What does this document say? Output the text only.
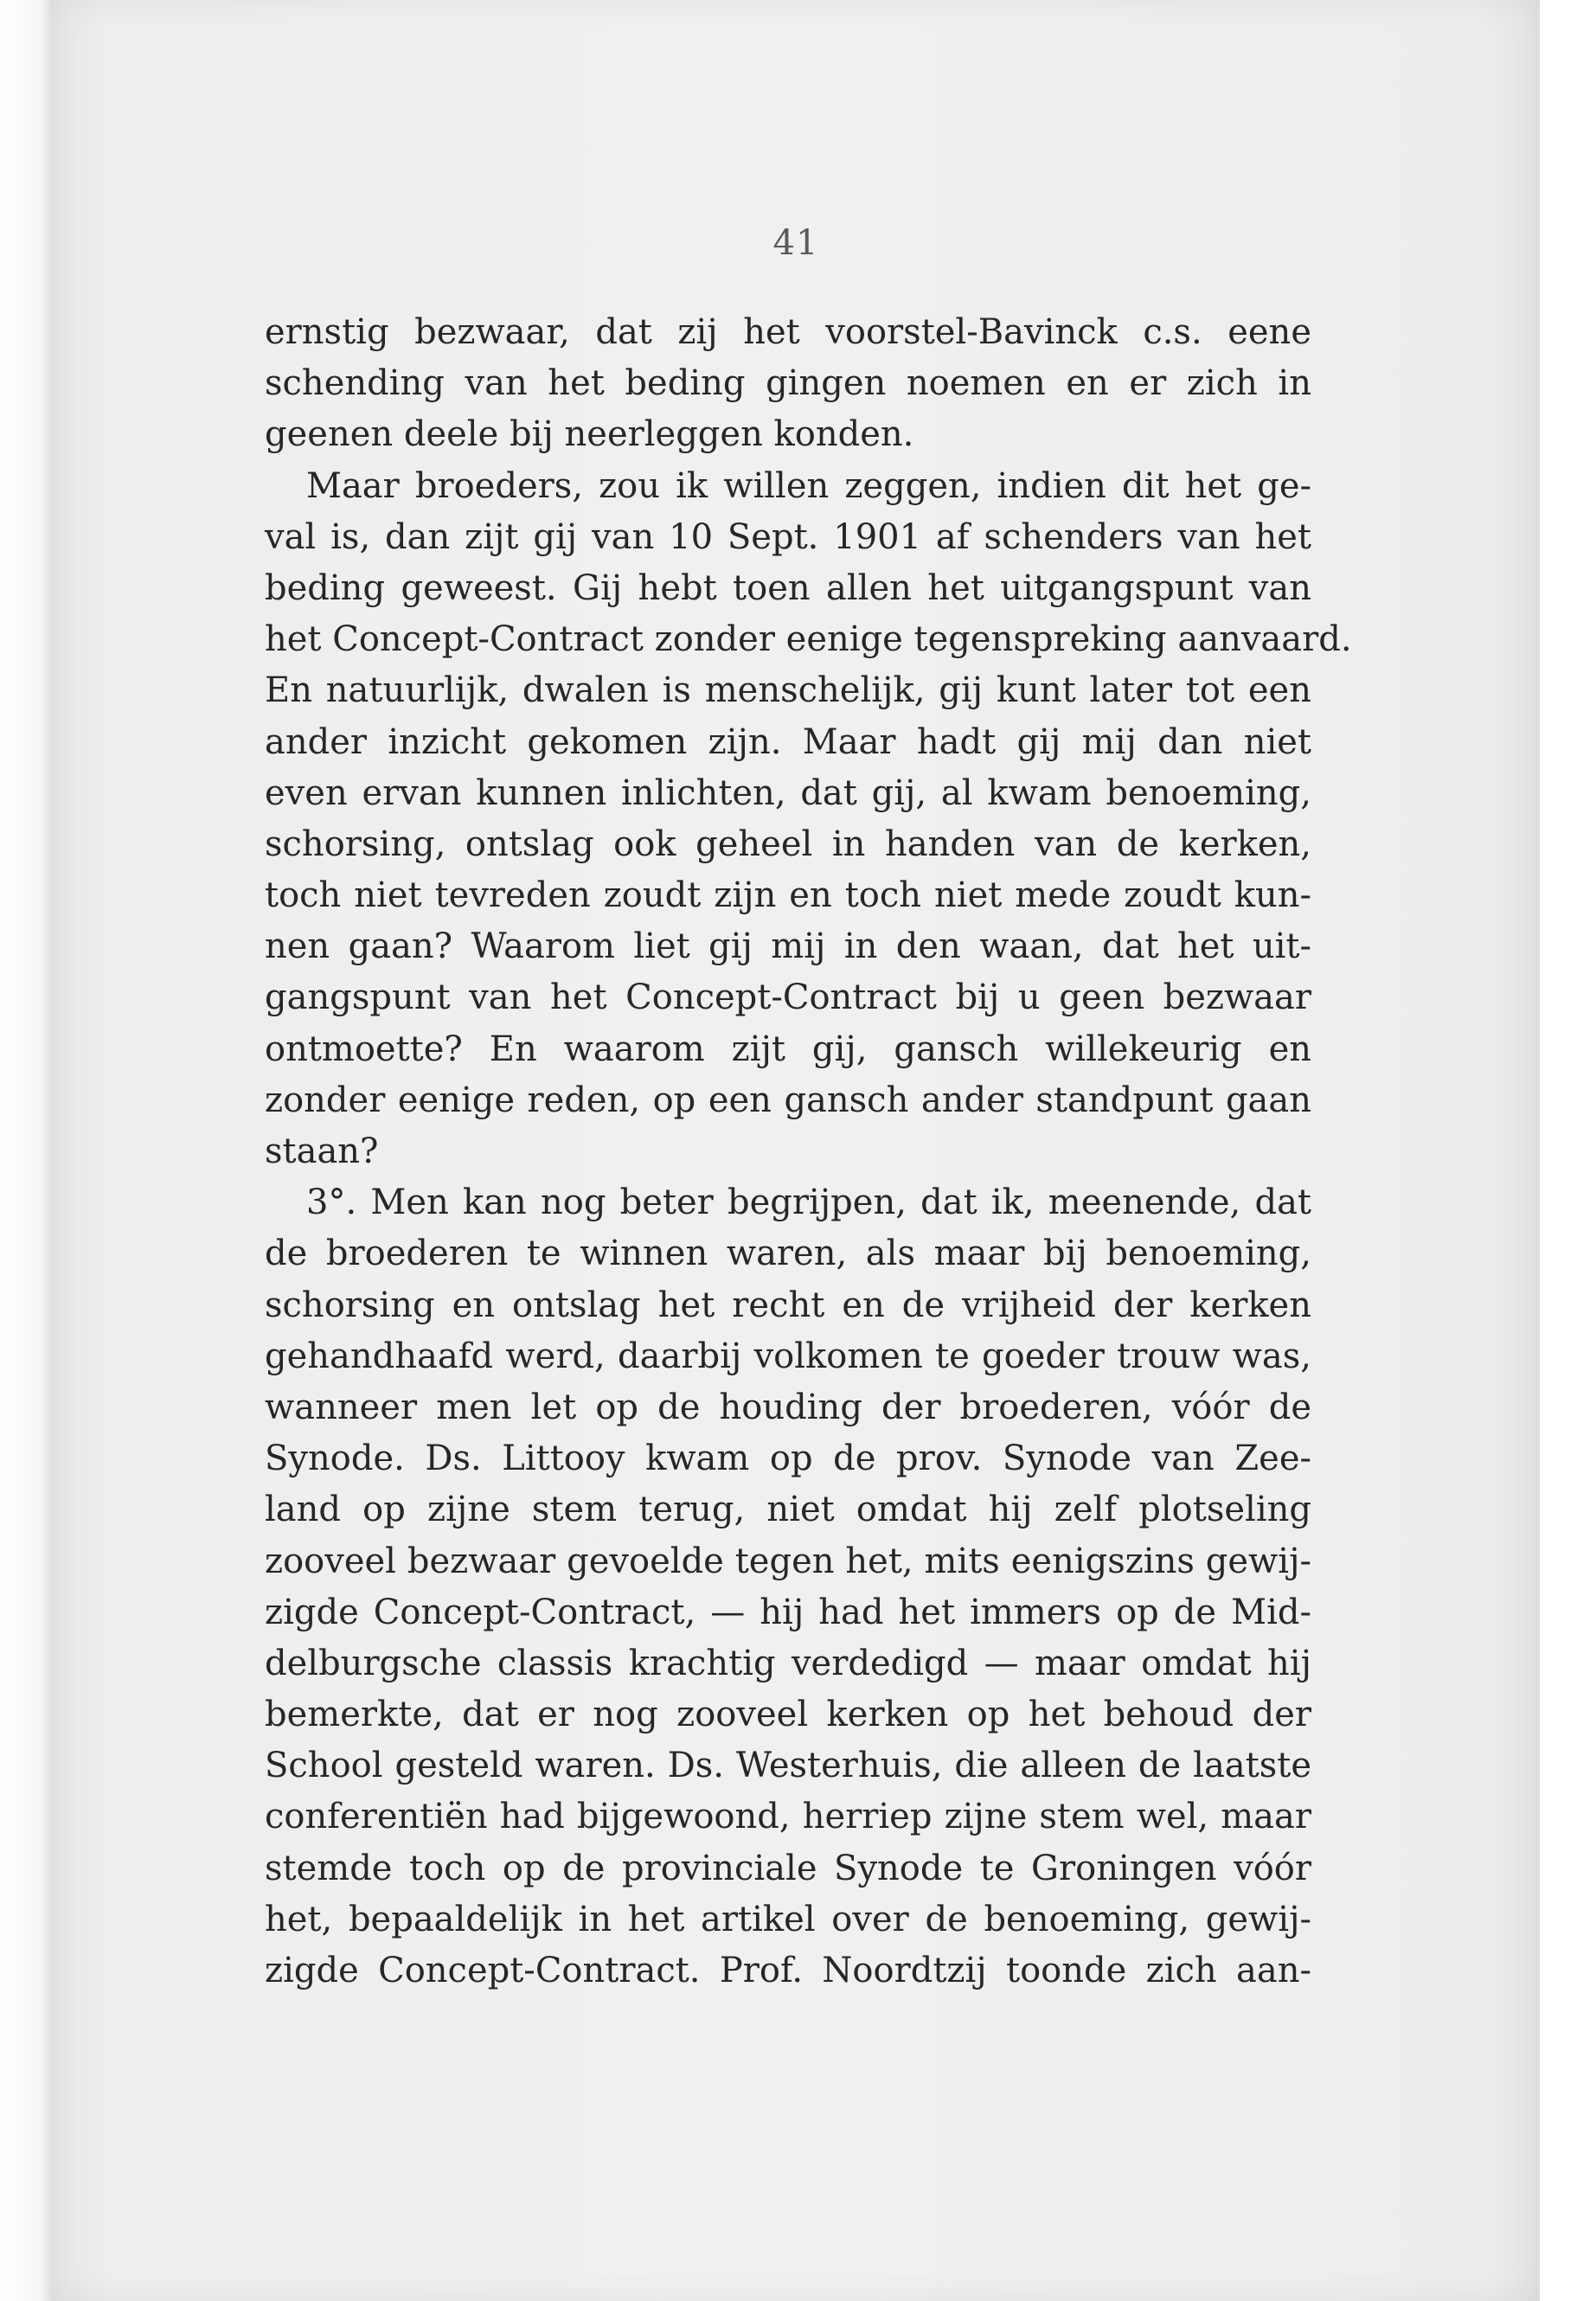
41
ernstig bezwaar, dat zij het voorstel-Bavinck c.s. eene
schending van het beding gingen noemen en er zich in
geenen deele bij neerleggen konden.
Maar broeders, zou ik willen zeggen, indien dit het ge-
val is, dan zijt gij van 10 Sept. 1901 af schenders van het
beding geweest. Gij hebt toen allen het uitgangspunt van
het Concept-Contract zonder eenige tegenspreking aanvaard.
En natuurlijk, dwalen is menschelijk, gij kunt later tot een
ander inzicht gekomen zijn. Maar hadt gij mij dan niet
even ervan kunnen inlichten, dat gij, al kwam benoeming,
schorsing, ontslag ook geheel in handen van de kerken,
toch niet tevreden zoudt zijn en toch niet mede zoudt kun-
nen gaan? Waarom liet gij mij in den waan, dat het uit-
gangspunt van het Concept-Contract bij u geen bezwaar
ontmoette? En waarom zijt gij, gansch willekeurig en
zonder eenige reden, op een gansch ander standpunt gaan
staan?
3°. Men kan nog beter begrijpen, dat ik, meenende, dat
de broederen te winnen waren, als maar bij benoeming,
schorsing en ontslag het recht en de vrijheid der kerken
gehandhaafd werd, daarbij volkomen te goeder trouw was,
wanneer men let op de houding der broederen, vóór de
Synode. Ds. Littooy kwam op de prov. Synode van Zee-
land op zijne stem terug, niet omdat hij zelf plotseling
zooveel bezwaar gevoelde tegen het, mits eenigszins gewij-
zigde Concept-Contract, — hij had het immers op de Mid-
delburgsche classis krachtig verdedigd — maar omdat hij
bemerkte, dat er nog zooveel kerken op het behoud der
School gesteld waren. Ds. Westerhuis, die alleen de laatste
conferentiën had bijgewoond, herriep zijne stem wel, maar
stemde toch op de provinciale Synode te Groningen vóór
het, bepaaldelijk in het artikel over de benoeming, gewij-
zigde Concept-Contract. Prof. Noordtzij toonde zich aan-
